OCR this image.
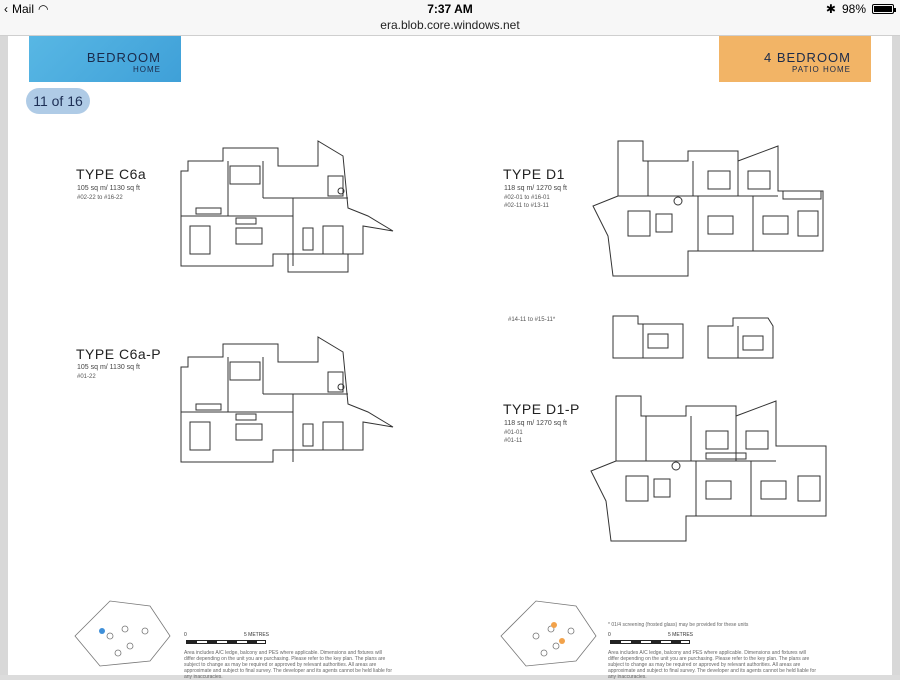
‹ Mail ◠	7:37 AM	✱ 98%
era.blob.core.windows.net
BEDROOM
HOME
4 BEDROOM
PATIO HOME
TYPE C6a
105 sq m/ 1130 sq ft
#02-22 to #16-22
TYPE C6a-P
105 sq m/ 1130 sq ft
#01-22
TYPE D1
118 sq m/ 1270 sq ft
#02-01 to #16-01
#02-11 to #13-11
#14-11 to #15-11*
TYPE D1-P
118 sq m/ 1270 sq ft
#01-01
#01-11
0	5 METRES
Area includes A/C ledge, balcony and PES where applicable. Dimensions and fixtures will differ depending on the unit you are purchasing. Please refer to the key plan. The plans are subject to change as may be required or approved by relevant authorities. All areas are approximate and subject to final survey. The developer and its agents cannot be held liable for any inaccuracies.
* 01/4 screening (frosted glass) may be provided for these units
0	5 METRES
Area includes A/C ledge, balcony and PES where applicable. Dimensions and fixtures will differ depending on the unit you are purchasing. Please refer to the key plan. The plans are subject to change as may be required or approved by relevant authorities. All areas are approximate and subject to final survey. The developer and its agents cannot be held liable for any inaccuracies.
11 of 16
